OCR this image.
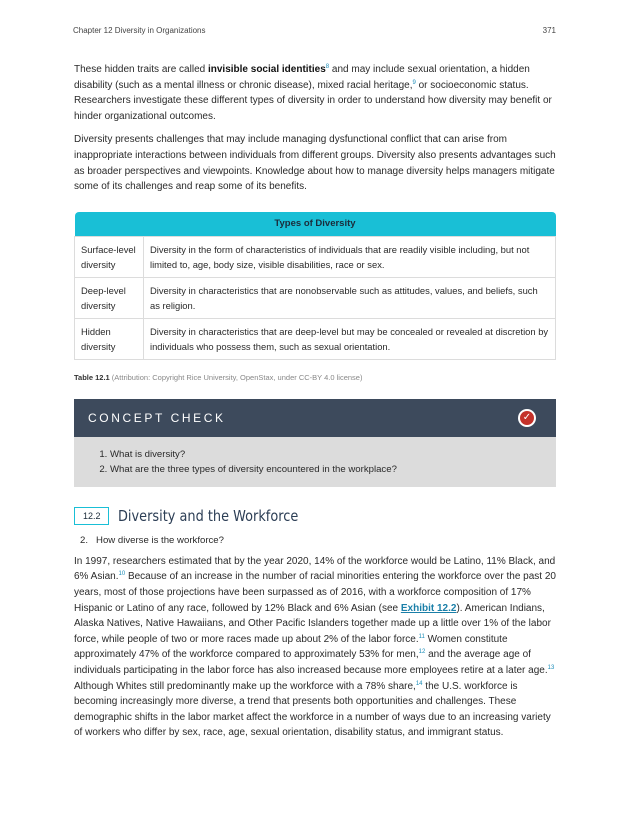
Chapter 12 Diversity in Organizations	371

These hidden traits are called invisible social identities$^8$ and may include sexual orientation, a hidden disability (such as a mental illness or chronic disease), mixed racial heritage,$^9$ or socioeconomic status. Researchers investigate these different types of diversity in order to understand how diversity may benefit or hinder organizational outcomes.

Diversity presents challenges that may include managing dysfunctional conflict that can arise from inappropriate interactions between individuals from different groups. Diversity also presents advantages such as broader perspectives and viewpoints. Knowledge about how to manage diversity helps managers mitigate some of its challenges and reap some of its benefits.

Types of Diversity	
Surface-level diversity	Diversity in the form of characteristics of individuals that are readily visible including, but not limited to, age, body size, visible disabilities, race or sex.
Deep-level diversity	Diversity in characteristics that are nonobservable such as attitudes, values, and beliefs, such as religion.
Hidden diversity	Diversity in characteristics that are deep-level but may be concealed or revealed at discretion by individuals who possess them, such as sexual orientation.
Table 12.1 (Attribution: Copyright Rice University, OpenStax, under CC-BY 4.0 license)
CONCEPT CHECK	✓
1. What is diversity?
2. What are the three types of diversity encountered in the workplace?
12.2	Diversity and the Workforce
2. How diverse is the workforce?

In 1997, researchers estimated that by the year 2020, 14% of the workforce would be Latino, 11% Black, and 6% Asian.$^{10}$ Because of an increase in the number of racial minorities entering the workforce over the past 20 years, most of those projections have been surpassed as of 2016, with a workforce composition of 17% Hispanic or Latino of any race, followed by 12% Black and 6% Asian (see Exhibit 12.2). American Indians, Alaska Natives, Native Hawaiians, and Other Pacific Islanders together made up a little over 1% of the labor force, while people of two or more races made up about 2% of the labor force.$^{11}$ Women constitute approximately 47% of the workforce compared to approximately 53% for men,$^{12}$ and the average age of individuals participating in the labor force has also increased because more employees retire at a later age.$^{13}$ Although Whites still predominantly make up the workforce with a 78% share,$^{14}$ the U.S. workforce is becoming increasingly more diverse, a trend that presents both opportunities and challenges. These demographic shifts in the labor market affect the workforce in a number of ways due to an increasing variety of workers who differ by sex, race, age, sexual orientation, disability status, and immigrant status.
